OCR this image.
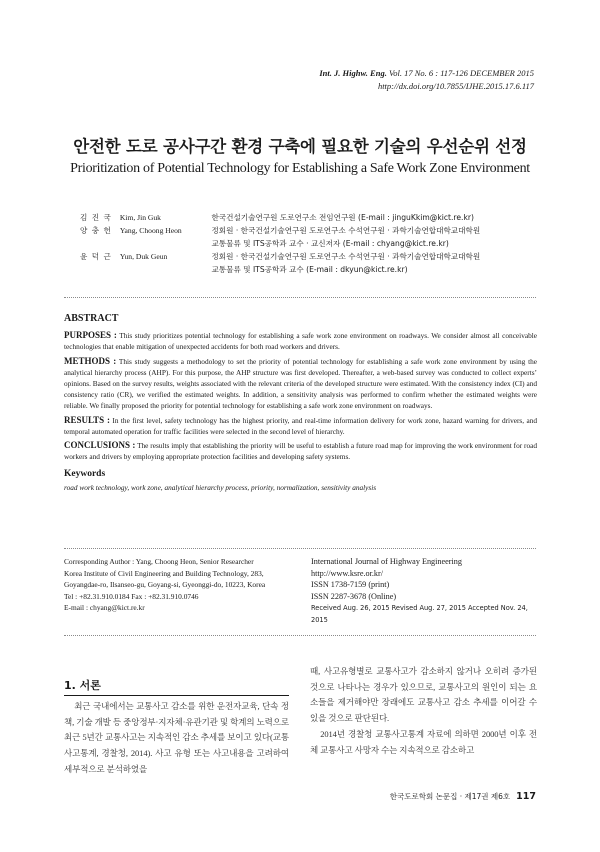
Int. J. Highw. Eng. Vol. 17 No. 6 : 117-126 DECEMBER 2015
http://dx.doi.org/10.7855/IJHE.2015.17.6.117
안전한 도로 공사구간 환경 구축에 필요한 기술의 우선순위 선정
Prioritization of Potential Technology for Establishing a Safe Work Zone Environment
김 진 국	Kim, Jin Guk	한국건설기술연구원 도로연구소 전임연구원 (E-mail : jinguKkim@kict.re.kr)
양 충 헌	Yang, Choong Heon	정회원 · 한국건설기술연구원 도로연구소 수석연구원 · 과학기술연합대학교대학원
교통물류 및 ITS공학과 교수 · 교신저자 (E-mail : chyang@kict.re.kr)
윤 덕 근	Yun, Duk Geun	정회원 · 한국건설기술연구원 도로연구소 수석연구원 · 과학기술연합대학교대학원
교통물류 및 ITS공학과 교수 (E-mail : dkyun@kict.re.kr)
ABSTRACT

PURPOSES : This study prioritizes potential technology for establishing a safe work zone environment on roadways. We consider almost all conceivable technologies that enable mitigation of unexpected accidents for both road workers and drivers.

METHODS : This study suggests a methodology to set the priority of potential technology for establishing a safe work zone environment by using the analytical hierarchy process (AHP). For this purpose, the AHP structure was first developed. Thereafter, a web-based survey was conducted to collect experts’ opinions. Based on the survey results, weights associated with the relevant criteria of the developed structure were estimated. With the consistency index (CI) and consistency ratio (CR), we verified the estimated weights. In addition, a sensitivity analysis was performed to confirm whether the estimated weights were reliable. We finally proposed the priority for potential technology for establishing a safe work zone environment on roadways.

RESULTS : In the first level, safety technology has the highest priority, and real-time information delivery for work zone, hazard warning for drivers, and temporal automated operation for traffic facilities were selected in the second level of hierarchy.

CONCLUSIONS : The results imply that establishing the priority will be useful to establish a future road map for improving the work environment for road workers and drivers by employing appropriate protection facilities and developing safety systems.

Keywords

road work technology, work zone, analytical hierarchy process, priority, normalization, sensitivity analysis

Corresponding Author : Yang, Choong Heon, Senior Researcher
Korea Institute of Civil Engineering and Building Technology, 283,
Goyangdae-ro, Ilsanseo-gu, Goyang-si, Gyeonggi-do, 10223, Korea
Tel : +82.31.910.0184 Fax : +82.31.910.0746
E-mail : chyang@kict.re.kr
International Journal of Highway Engineering
http://www.ksre.or.kr/
ISSN 1738-7159 (print)
ISSN 2287-3678 (Online)
Received Aug. 26, 2015 Revised Aug. 27, 2015 Accepted Nov. 24, 2015
1. 서론

최근 국내에서는 교통사고 감소를 위한 운전자교육, 단속 정책, 기술 개발 등 중앙정부·지자체·유관기관 및 학계의 노력으로 최근 5년간 교통사고는 지속적인 감소 추세를 보이고 있다(교통사고통계, 경찰청, 2014). 사고 유형 또는 사고내용을 고려하여 세부적으로 분석하였을

때, 사고유형별로 교통사고가 감소하지 않거나 오히려 증가된 것으로 나타나는 경우가 있으므로, 교통사고의 원인이 되는 요소들을 제거해야만 장래에도 교통사고 감소 추세를 이어갈 수 있을 것으로 판단된다.

2014년 경찰청 교통사고통계 자료에 의하면 2000년 이후 전체 교통사고 사망자 수는 지속적으로 감소하고

한국도로학회 논문집 · 제17권 제6호 117
